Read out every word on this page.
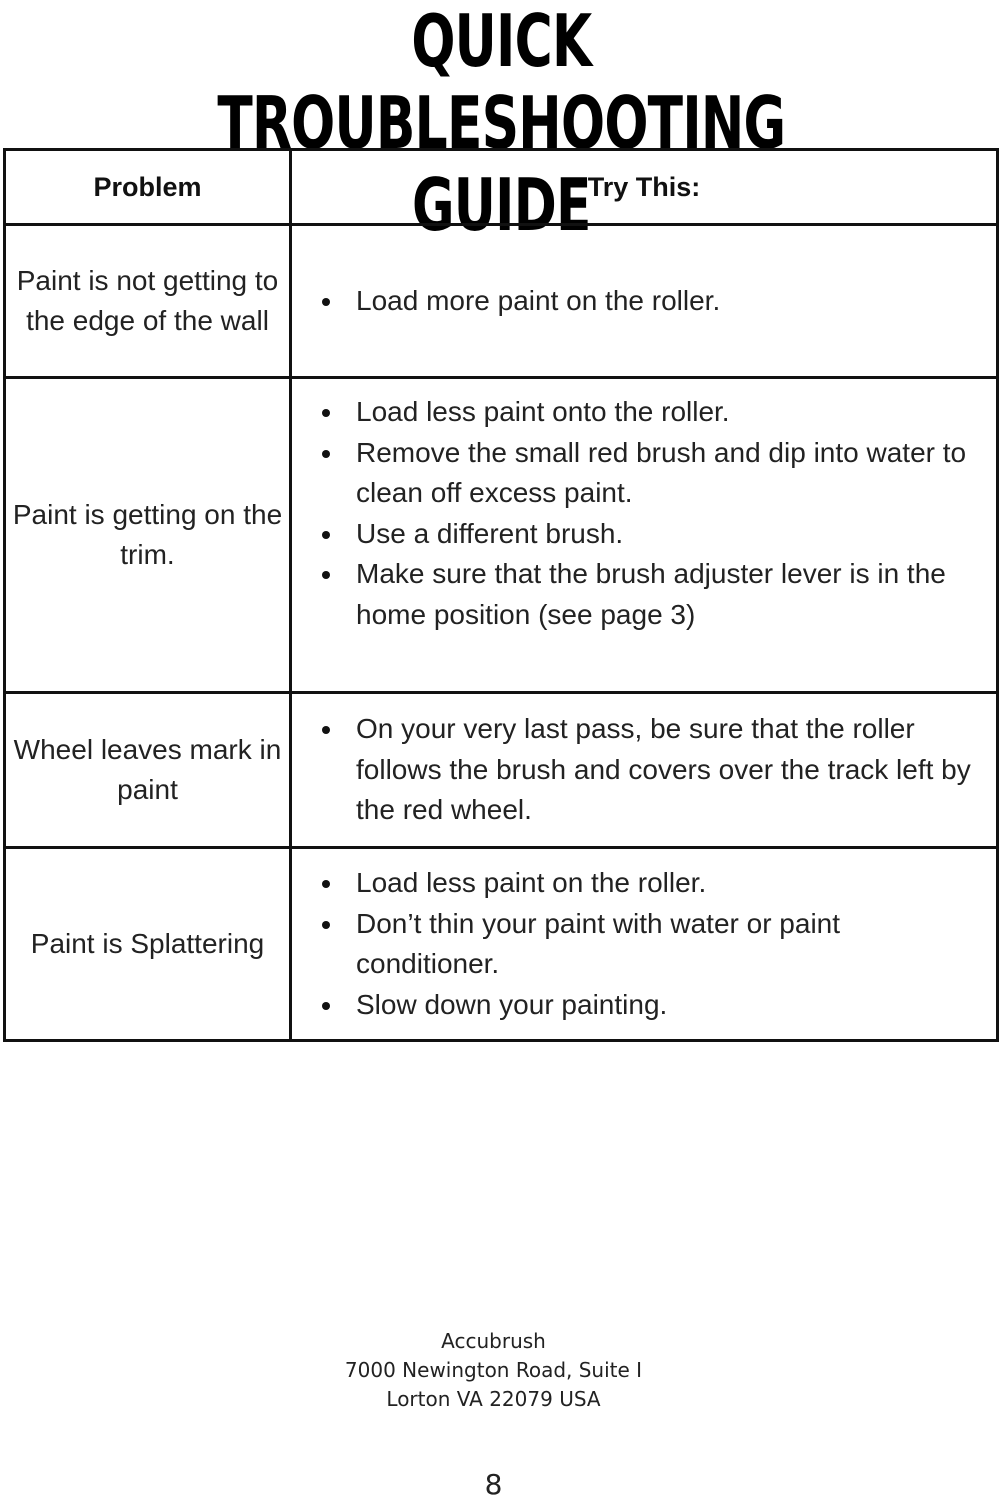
QUICK TROUBLESHOOTING GUIDE
Problem	Try This:
Paint is not getting to the edge of the wall	
Load more paint on the roller.

Paint is getting on the trim.	
Load less paint onto the roller.
Remove the small red brush and dip into water to clean off excess paint.
Use a different brush.
Make sure that the brush adjuster lever is in the home position (see page 3)

Wheel leaves mark in paint	
On your very last pass, be sure that the roller follows the brush and covers over the track left by the red wheel.

Paint is Splattering	
Load less paint on the roller.
Don’t thin your paint with water or paint conditioner.
Slow down your painting.
Accubrush
7000 Newington Road, Suite I
Lorton VA 22079 USA
8
